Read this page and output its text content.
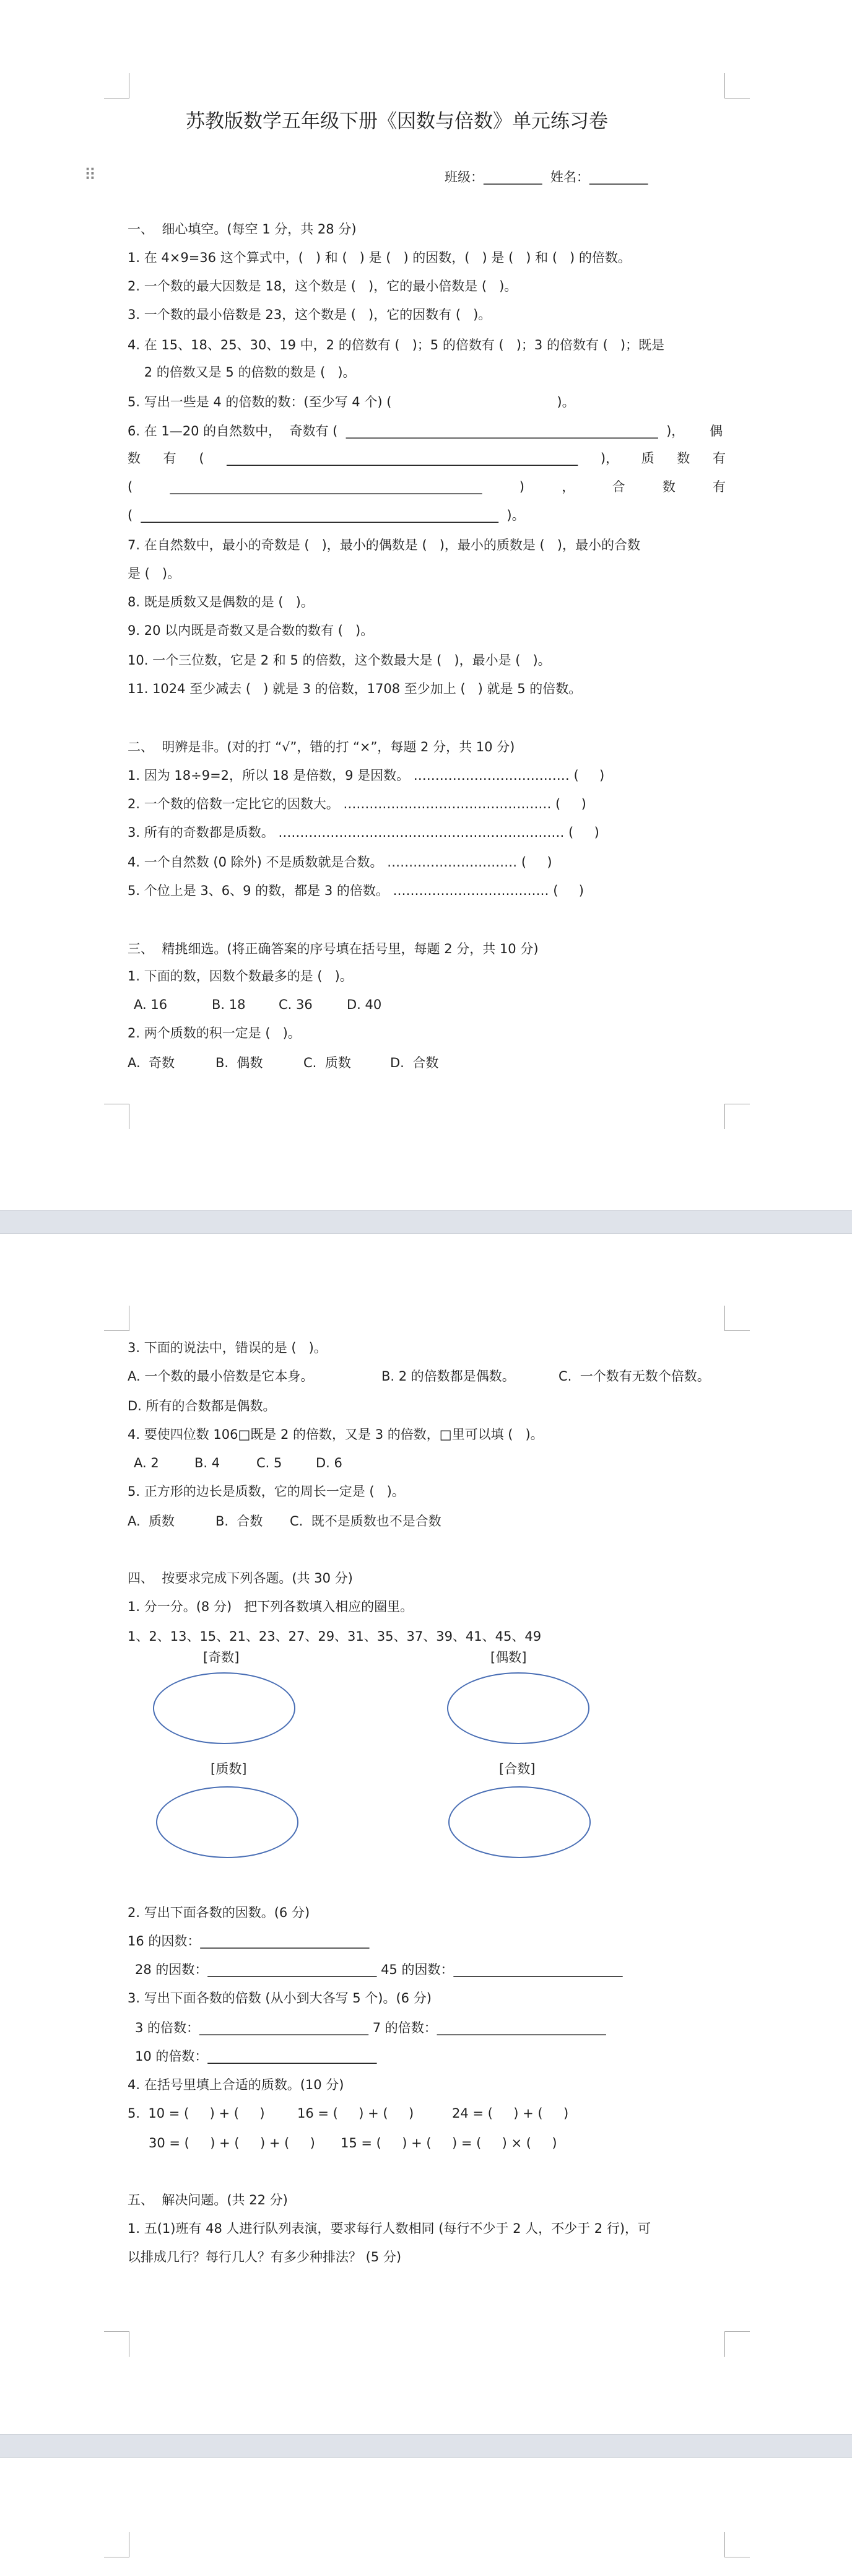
⠿
苏教版数学五年级下册《因数与倍数》单元练习卷
班级：_________  姓名：_________
一、  细心填空。(每空 1 分，共 28 分)
1. 在 4×9=36 这个算式中，(   ) 和 (   ) 是 (   ) 的因数，(   ) 是 (   ) 和 (   ) 的倍数。
2. 一个数的最大因数是 18，这个数是 (   )，它的最小倍数是 (   )。
3. 一个数的最小倍数是 23，这个数是 (   )，它的因数有 (   )。
4. 在 15、18、25、30、19 中，2 的倍数有 (   )；5 的倍数有 (   )；3 的倍数有 (   )；既是
2 的倍数又是 5 的倍数的数是 (   )。
5. 写出一些是 4 的倍数的数：(至少写 4 个) (                                        )。
6. 在 1—20 的自然数中，  奇数有 (  ________________________________________________  )， 偶
数 有 ( ______________________________________________________ )， 质 数 有
(	________________________________________________	)	，	合	数	有
(  _______________________________________________________  )。
7. 在自然数中，最小的奇数是 (   )，最小的偶数是 (   )，最小的质数是 (   )，最小的合数
是 (   )。
8. 既是质数又是偶数的是 (   )。
9. 20 以内既是奇数又是合数的数有 (   )。
10. 一个三位数，它是 2 和 5 的倍数，这个数最大是 (   )，最小是 (   )。
11. 1024 至少减去 (   ) 就是 3 的倍数，1708 至少加上 (   ) 就是 5 的倍数。
二、  明辨是非。(对的打 “√”，错的打 “×”，每题 2 分，共 10 分)
1. 因为 18÷9=2，所以 18 是倍数，9 是因数。 ……………………………… (     )
2. 一个数的倍数一定比它的因数大。 ………………………………………… (     )
3. 所有的奇数都是质数。 ………………………………………………………… (     )
4. 一个自然数 (0 除外) 不是质数就是合数。 ………………………… (     )
5. 个位上是 3、6、9 的数，都是 3 的倍数。 ……………………………… (     )
三、  精挑细选。(将正确答案的序号填在括号里，每题 2 分，共 10 分)
1. 下面的数，因数个数最多的是 (   )。
A. 16	B. 18	C. 36	D. 40
2. 两个质数的积一定是 (   )。
A.  奇数	B.  偶数	C.  质数	D.  合数
3. 下面的说法中，错误的是 (   )。
A. 一个数的最小倍数是它本身。	B. 2 的倍数都是偶数。	C.  一个数有无数个倍数。
D. 所有的合数都是偶数。
4. 要使四位数 106□既是 2 的倍数，又是 3 的倍数，□里可以填 (   )。
A. 2	B. 4	C. 5	D. 6
5. 正方形的边长是质数，它的周长一定是 (   )。
A.  质数	B.  合数 C.  既不是质数也不是合数
四、  按要求完成下列各题。(共 30 分)
1. 分一分。(8 分)   把下列各数填入相应的圈里。
1、2、13、15、21、23、27、29、31、35、37、39、41、45、49
[奇数]	[偶数]
[质数]	[合数]
2. 写出下面各数的因数。(6 分)
16 的因数：__________________________
28 的因数：__________________________ 45 的因数：__________________________
3. 写出下面各数的倍数 (从小到大各写 5 个)。(6 分)
3 的倍数：__________________________ 7 的倍数：__________________________
10 的倍数：__________________________
4. 在括号里填上合适的质数。(10 分)
5.  10 = (     ) + (     ) 16 = (     ) + (     )	24 = (     ) + (     )
30 = (     ) + (     ) + (     ) 15 = (     ) + (     ) = (     ) × (     )
五、  解决问题。(共 22 分)
1. 五(1)班有 48 人进行队列表演，要求每行人数相同 (每行不少于 2 人，不少于 2 行)，可
以排成几行？每行几人？有多少种排法？ (5 分)
